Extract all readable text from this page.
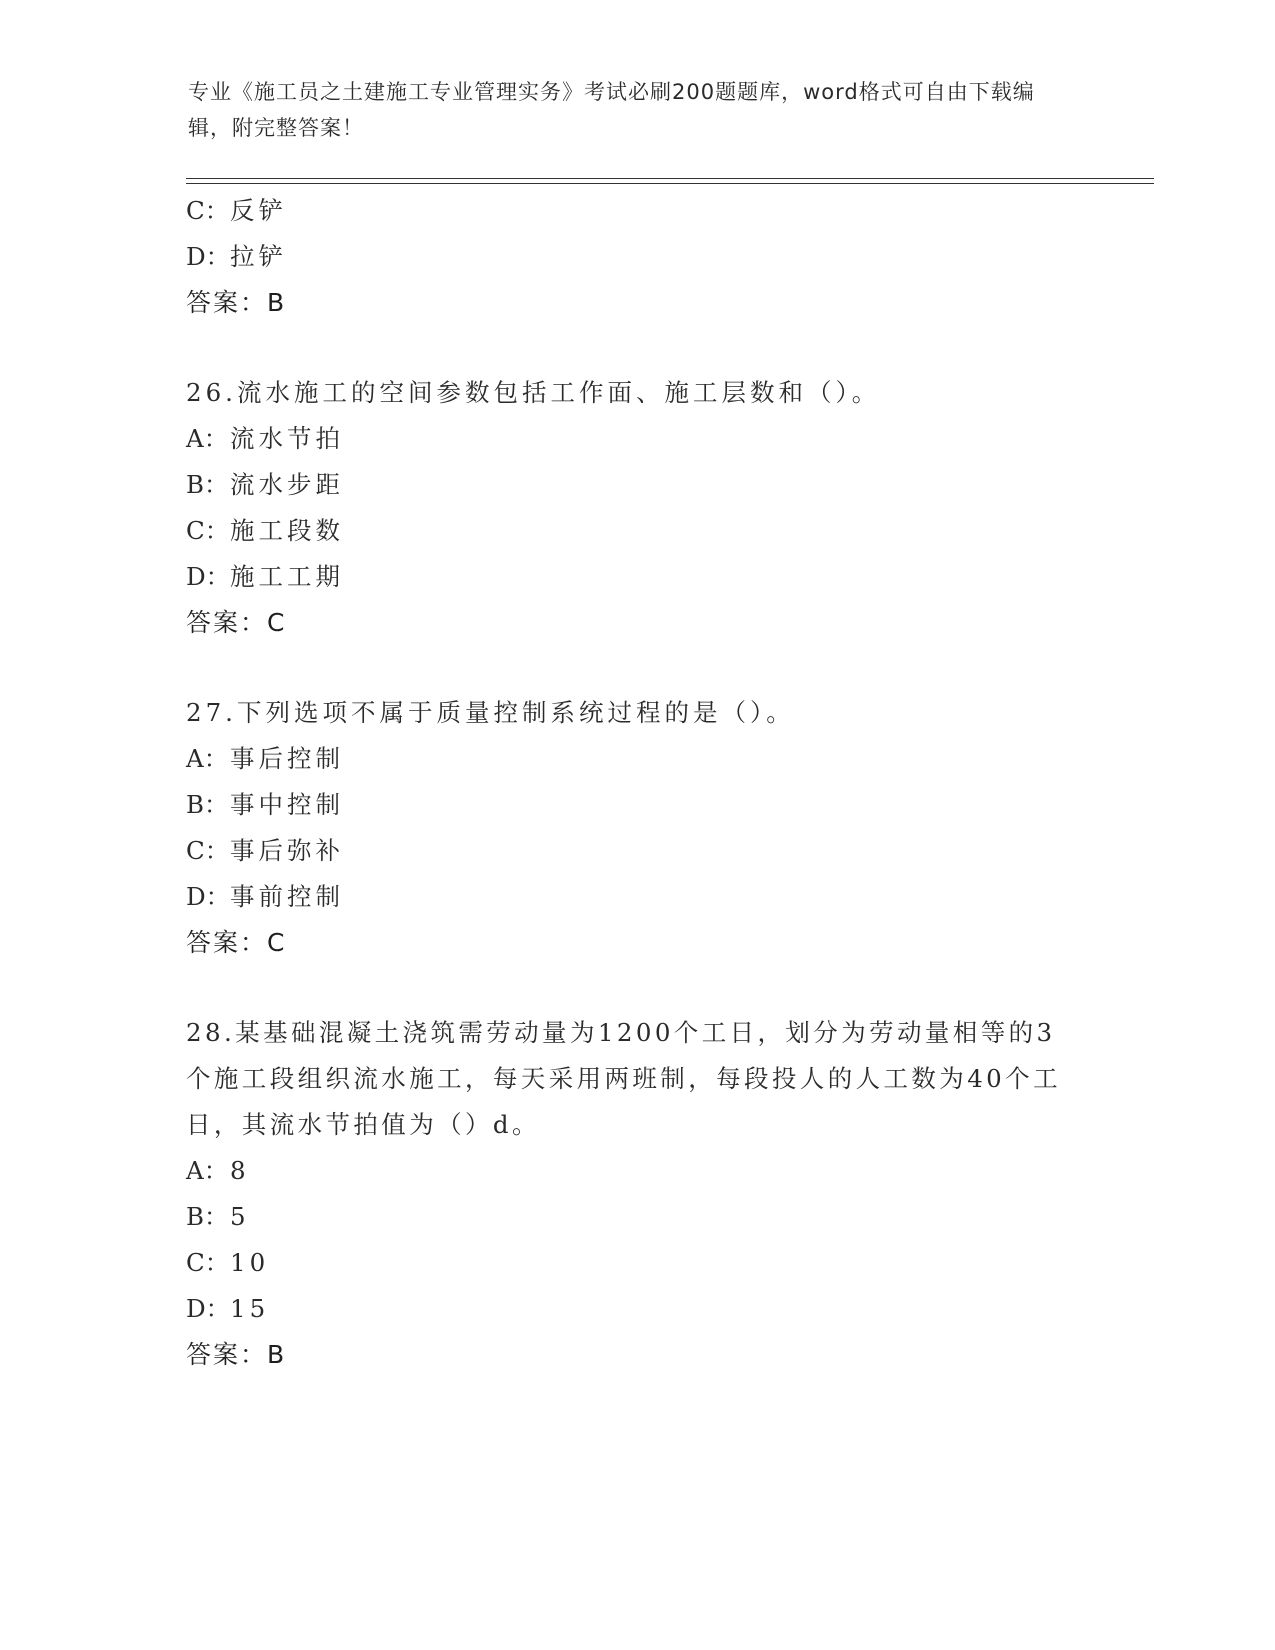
专业《施工员之土建施工专业管理实务》考试必刷200题题库，word格式可自由下载编辑，附完整答案！
C：反铲
D：拉铲
答案：B
26.流水施工的空间参数包括工作面、施工层数和（）。
A：流水节拍
B：流水步距
C：施工段数
D：施工工期
答案：C
27.下列选项不属于质量控制系统过程的是（）。
A：事后控制
B：事中控制
C：事后弥补
D：事前控制
答案：C
28.某基础混凝土浇筑需劳动量为1200个工日，划分为劳动量相等的3个施工段组织流水施工，每天采用两班制，每段投人的人工数为40个工日，其流水节拍值为（）d。
A：8
B：5
C：10
D：15
答案：B
